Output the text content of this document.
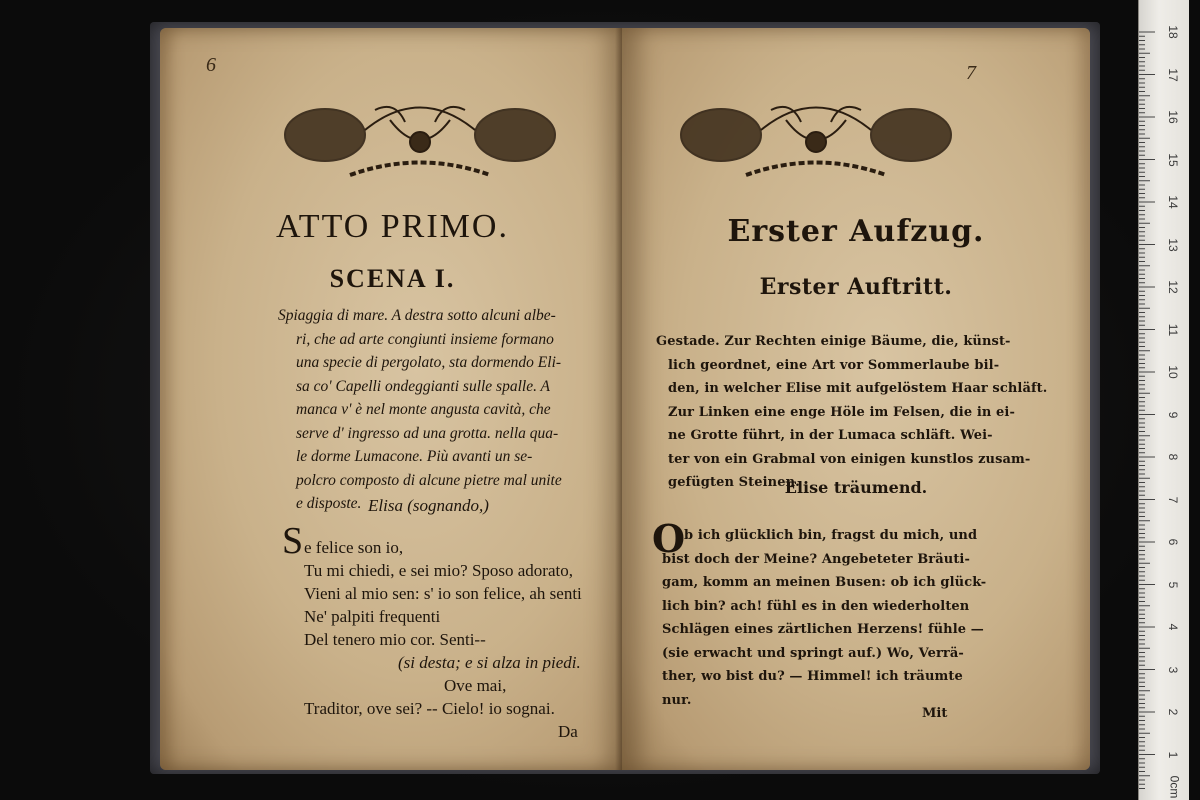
6
ATTO PRIMO.
SCENA I.
Spiaggia di mare. A destra sotto alcuni albe-
ri, che ad arte congiunti insieme formano
una specie di pergolato, sta dormendo Eli-
sa co' Capelli ondeggianti sulle spalle. A
manca v' è nel monte angusta cavità, che
serve d' ingresso ad una grotta. nella qua-
le dorme Lumacone. Più avanti un se-
polcro composto di alcune pietre mal unite
e disposte. Elisa (sognando,)
S e felice son io,
Tu mi chiedi, e sei mio? Sposo adorato,
Vieni al mio sen: s' io son felice, ah senti
Ne' palpiti frequenti
Del tenero mio cor. Senti--
(si desta; e si alza in piedi.
Ove mai,
Traditor, ove sei? -- Cielo! io sognai.
Da
7
Erster Aufzug.
Erster Auftritt.
Gestade. Zur Rechten einige Bäume, die, künst-
lich geordnet, eine Art vor Sommerlaube bil-
den, in welcher Elise mit aufgelöstem Haar schläft.
Zur Linken eine enge Höle im Felsen, die in ei-
ne Grotte führt, in der Lumaca schläft. Wei-
ter von ein Grabmal von einigen kunstlos zusam-
gefügten Steinen.
Elise träumend.
O
b ich glücklich bin, fragst du mich, und
bist doch der Meine? Angebeteter Bräuti-
gam, komm an meinen Busen: ob ich glück-
lich bin? ach! fühl es in den wiederholten
Schlägen eines zärtlichen Herzens! fühle —
(sie erwacht und springt auf.) Wo, Verrä-
ther, wo bist du? — Himmel! ich träumte
nur.
Mit
18
17
16
15
14
13
12
11
10
9
8
7
6
5
4
3
2
1
0cm
